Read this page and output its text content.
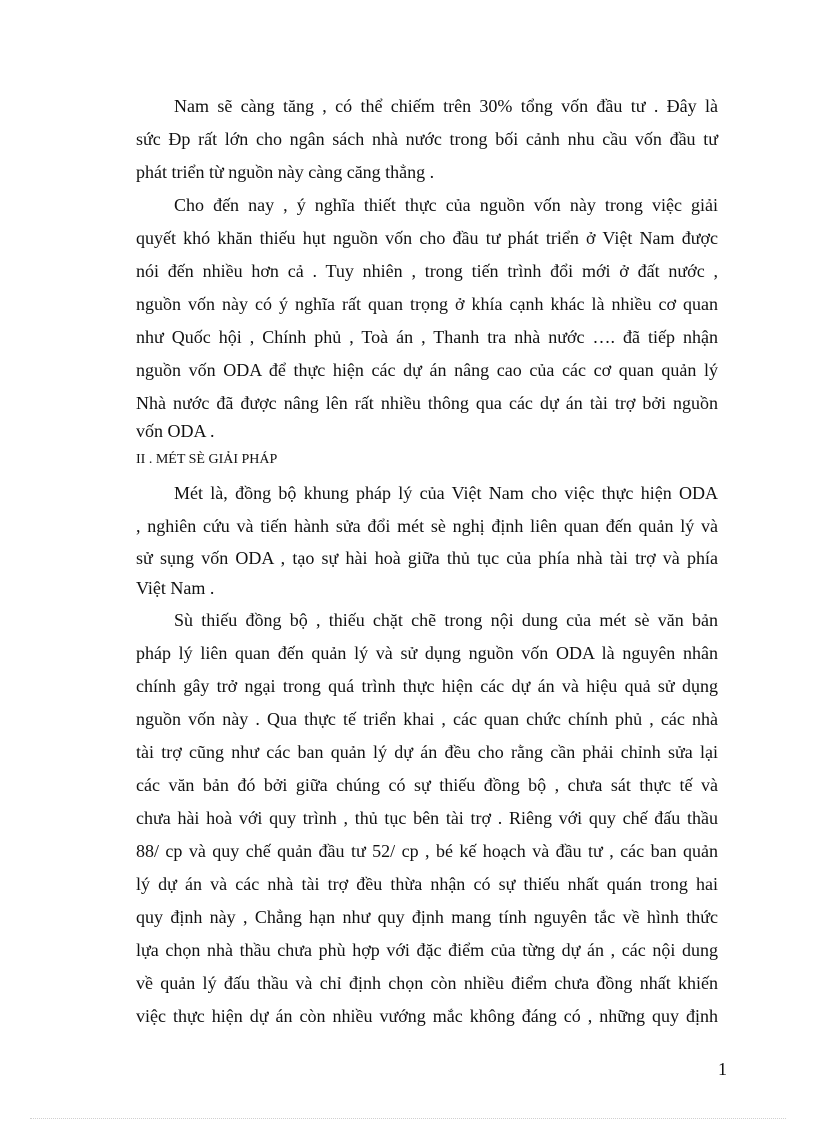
Nam sẽ càng tăng , có thể chiếm trên 30% tổng vốn đầu tư . Đây là
sức Ðp rất lớn cho ngân sách nhà nước trong bối cảnh nhu cầu vốn đầu tư
phát triển từ nguồn này càng căng thẳng .
Cho đến nay , ý nghĩa thiết thực của nguồn vốn này trong việc giải
quyết khó khăn thiếu hụt nguồn vốn cho đầu tư phát triển ở Việt Nam được
nói đến nhiều hơn cả . Tuy nhiên , trong tiến trình đổi mới ở đất nước ,
nguồn vốn này có ý nghĩa rất quan trọng ở khía cạnh khác là nhiều cơ quan
như Quốc hội , Chính phủ , Toà án , Thanh tra nhà nước …. đã tiếp nhận
nguồn vốn ODA để thực hiện các dự án nâng cao của các cơ quan quản lý
Nhà nước đã được nâng lên rất nhiều thông qua các dự án tài trợ bởi nguồn
vốn ODA .
II . MÉT SÈ GIẢI PHÁP
Mét là, đồng bộ khung pháp lý của Việt Nam cho việc thực hiện ODA
, nghiên cứu và tiến hành sửa đổi mét sè nghị định liên quan đến quản lý và
sử sụng vốn ODA , tạo sự hài hoà giữa thủ tục của phía nhà tài trợ và phía
Việt Nam .
Sù thiếu đồng bộ , thiếu chặt chẽ trong nội dung của mét sè văn bản
pháp lý liên quan đến quản lý và sử dụng nguồn vốn ODA là nguyên nhân
chính gây trở ngại trong quá trình thực hiện các dự án và hiệu quả sử dụng
nguồn vốn này . Qua thực tế triển khai , các quan chức chính phủ , các nhà
tài trợ cũng như các ban quản lý dự án đều cho rằng cần phải chỉnh sửa lại
các văn bản đó bởi giữa chúng có sự thiếu đồng bộ , chưa sát thực tế và
chưa hài hoà với quy trình , thủ tục bên tài trợ . Riêng với quy chế đấu thầu
88/ cp và quy chế quản đầu tư 52/ cp , bé kế hoạch và đầu tư , các ban quản
lý dự án và các nhà tài trợ đều thừa nhận có sự thiếu nhất quán trong hai
quy định này , Chẳng hạn như quy định mang tính nguyên tắc về hình thức
lựa chọn nhà thầu chưa phù hợp với đặc điểm của từng dự án , các nội dung
về quản lý đấu thầu và chỉ định chọn còn nhiều điểm chưa đồng nhất khiến
việc thực hiện dự án còn nhiều vướng mắc không đáng có , những quy định
1
